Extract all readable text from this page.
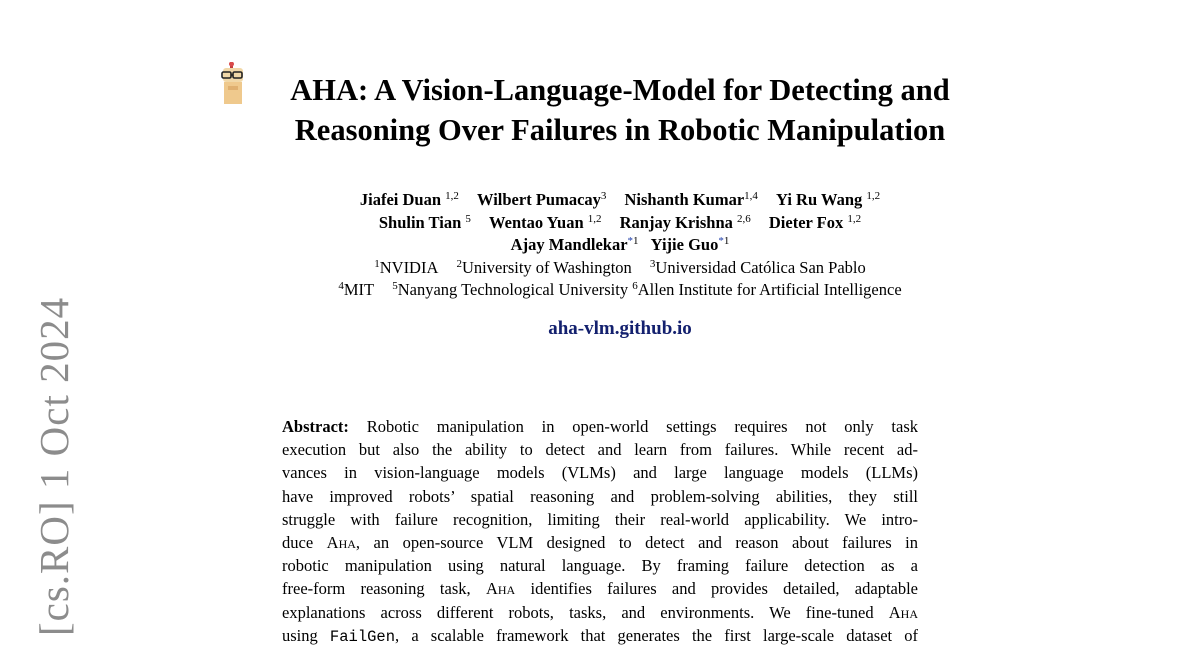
[cs.RO] 1 Oct 2024
AHA: A Vision-Language-Model for Detecting and
Reasoning Over Failures in Robotic Manipulation
Jiafei Duan $^{1,2}$ Wilbert Pumacay$^3$ Nishanth Kumar$^{1,4}$ Yi Ru Wang $^{1,2}$
Shulin Tian $^5$ Wentao Yuan $^{1,2}$ Ranjay Krishna $^{2,6}$ Dieter Fox $^{1,2}$
Ajay Mandlekar$^{*1}$ Yijie Guo$^{*1}$
$^1$NVIDIA $^2$University of Washington $^3$Universidad Católica San Pablo
$^4$MIT $^5$Nanyang Technological University $^6$Allen Institute for Artificial Intelligence
aha-vlm.github.io
Abstract: Robotic manipulation in open-world settings requires not only task
execution but also the ability to detect and learn from failures. While recent ad-
vances in vision-language models (VLMs) and large language models (LLMs)
have improved robots’ spatial reasoning and problem-solving abilities, they still
struggle with failure recognition, limiting their real-world applicability. We intro-
duce Aha, an open-source VLM designed to detect and reason about failures in
robotic manipulation using natural language. By framing failure detection as a
free-form reasoning task, Aha identifies failures and provides detailed, adaptable
explanations across different robots, tasks, and environments. We fine-tuned Aha
using FailGen, a scalable framework that generates the first large-scale dataset of
